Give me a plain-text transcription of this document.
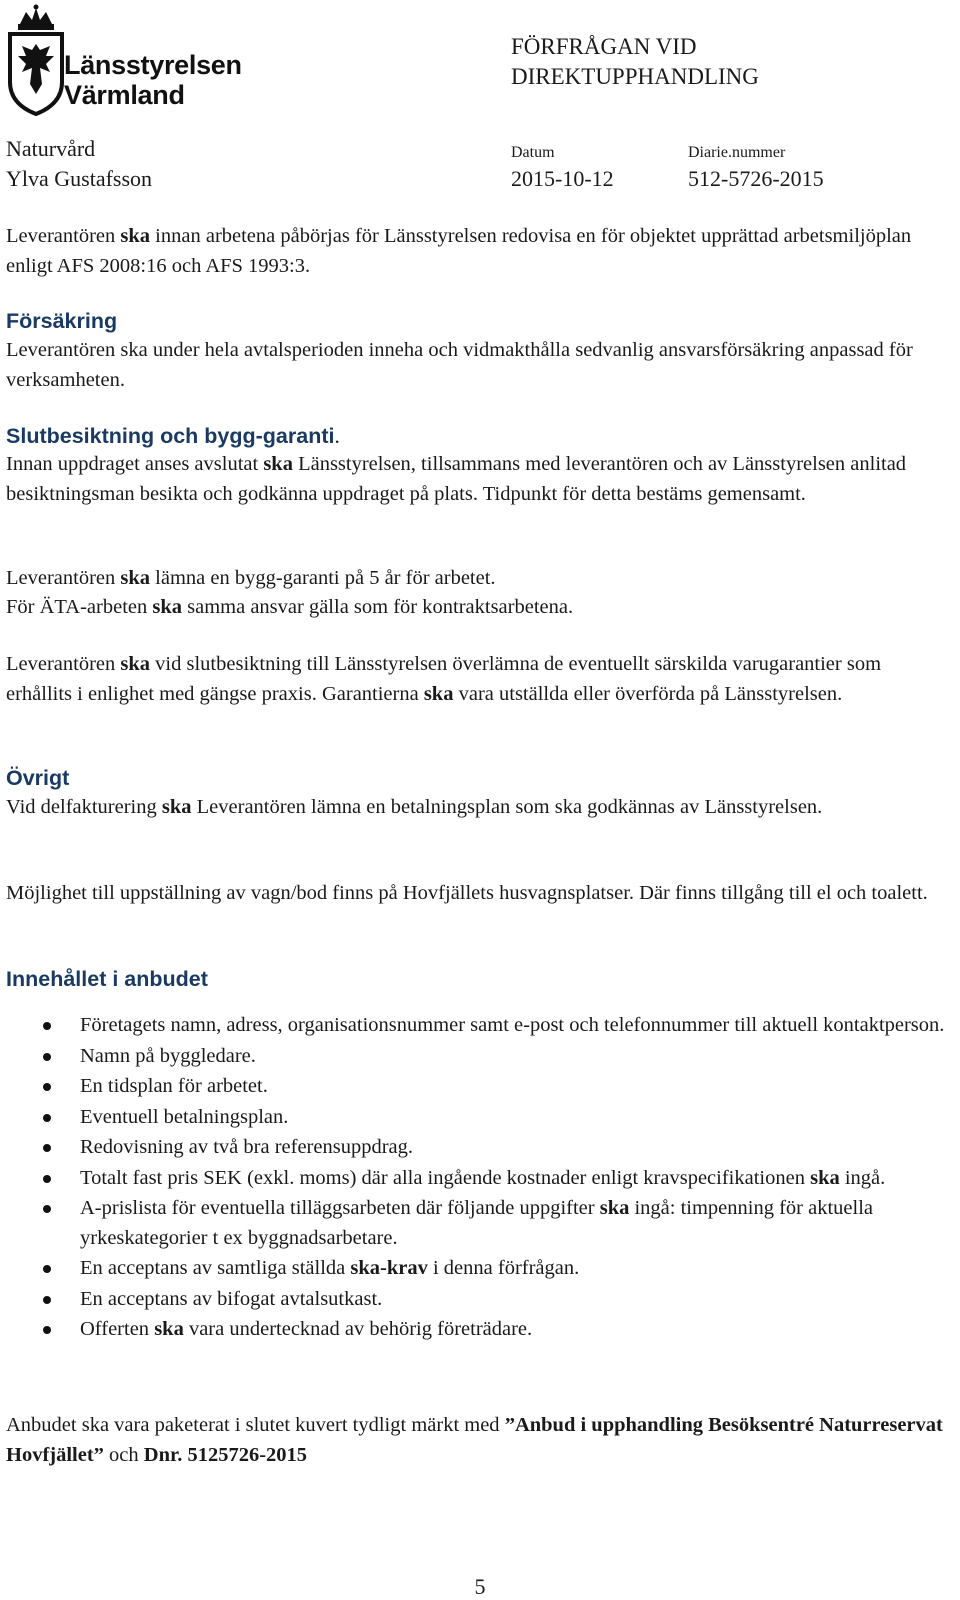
Länsstyrelsen
Värmland
FÖRFRÅGAN VID
DIREKTUPPHANDLING
Naturvård
Ylva Gustafsson
Datum
2015-10-12
Diarie.nummer
512-5726-2015

Leverantören ska innan arbetena påbörjas för Länsstyrelsen redovisa en för objektet upprättad arbetsmiljöplan enligt AFS 2008:16 och AFS 1993:3.

Försäkring

Leverantören ska under hela avtalsperioden inneha och vidmakthålla sedvanlig ansvarsförsäkring anpassad för verksamheten.

Slutbesiktning och bygg-garanti.

Innan uppdraget anses avslutat ska Länsstyrelsen, tillsammans med leverantören och av Länsstyrelsen anlitad besiktningsman besikta och godkänna uppdraget på plats. Tidpunkt för detta bestäms gemensamt.

Leverantören ska lämna en bygg-garanti på 5 år för arbetet.

För ÄTA-arbeten ska samma ansvar gälla som för kontraktsarbetena.

Leverantören ska vid slutbesiktning till Länsstyrelsen överlämna de eventuellt särskilda varugarantier som erhållits i enlighet med gängse praxis. Garantierna ska vara utställda eller överförda på Länsstyrelsen.

Övrigt

Vid delfakturering ska Leverantören lämna en betalningsplan som ska godkännas av Länsstyrelsen.

Möjlighet till uppställning av vagn/bod finns på Hovfjällets husvagnsplatser. Där finns tillgång till el och toalett.

Innehållet i anbudet
Företagets namn, adress, organisationsnummer samt e-post och telefonnummer till aktuell kontaktperson.
Namn på byggledare.
En tidsplan för arbetet.
Eventuell betalningsplan.
Redovisning av två bra referensuppdrag.
Totalt fast pris SEK (exkl. moms) där alla ingående kostnader enligt kravspecifikationen ska ingå.
A-prislista för eventuella tilläggsarbeten där följande uppgifter ska ingå: timpenning för aktuella yrkeskategorier t ex byggnadsarbetare.
En acceptans av samtliga ställda ska-krav i denna förfrågan.
En acceptans av bifogat avtalsutkast.
Offerten ska vara undertecknad av behörig företrädare.

Anbudet ska vara paketerat i slutet kuvert tydligt märkt med ”Anbud i upphandling Besöksentré Naturreservat Hovfjället” och Dnr. 5125726-2015

5
